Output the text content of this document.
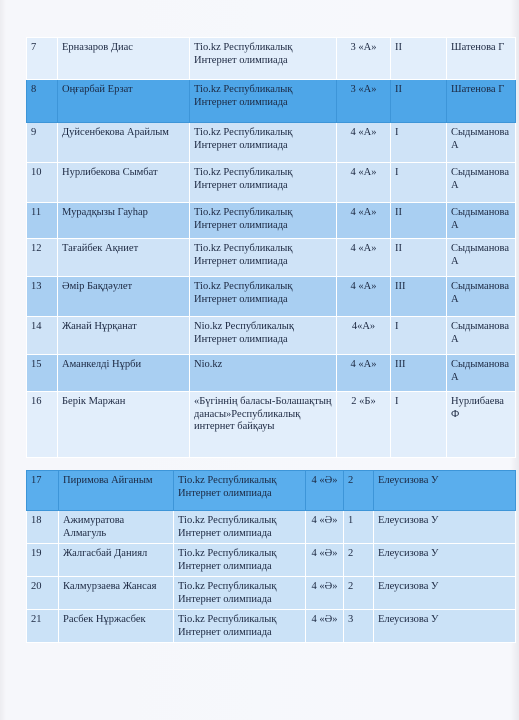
7	Ерназаров Диас	Tio.kz Республикалық Интернет олимпиада	3 «А»	II	Шатенова Г
8	Оңғарбай Ерзат	Tio.kz Республикалық Интернет олимпиада	3 «А»	II	Шатенова Г
9	Дуйсенбекова Арайлым	Tio.kz Республикалық Интернет олимпиада	4 «А»	I	Сыдыманова А
10	Нурлибекова Сымбат	Tio.kz Республикалық Интернет олимпиада	4 «А»	I	Сыдыманова А
11	Мурадқызы Гауһар	Tio.kz Республикалық Интернет олимпиада	4 «А»	II	Сыдыманова А
12	Тағайбек Ақниет	Tio.kz Республикалық Интернет олимпиада	4 «А»	II	Сыдыманова А
13	Әмір Бақдәулет	Tio.kz Республикалық Интернет олимпиада	4 «А»	III	Сыдыманова А
14	Жанай Нұрқанат	Nio.kz Республикалық Интернет олимпиада	4«А»	I	Сыдыманова А
15	Аманкелді Нұрби	Nio.kz	4 «А»	III	Сыдыманова А
16	Берік Маржан	«Бүгіннің баласы-Болашақтың данасы»Республикалық интернет байқауы	2 «Б»	I	Нурлибаева Ф
17	Пиримова Айганым	Tio.kz Республикалық Интернет олимпиада	4 «Ә»	2	Елеусизова У
18	Ажимуратова Алмагуль	Tio.kz Республикалық Интернет олимпиада	4 «Ә»	1	Елеусизова У
19	Жалгасбай Даниял	Tio.kz Республикалық Интернет олимпиада	4 «Ә»	2	Елеусизова У
20	Калмурзаева Жансая	Tio.kz Республикалық Интернет олимпиада	4 «Ә»	2	Елеусизова У
21	Расбек Нұржасбек	Tio.kz Республикалық Интернет олимпиада	4 «Ә»	3	Елеусизова У
